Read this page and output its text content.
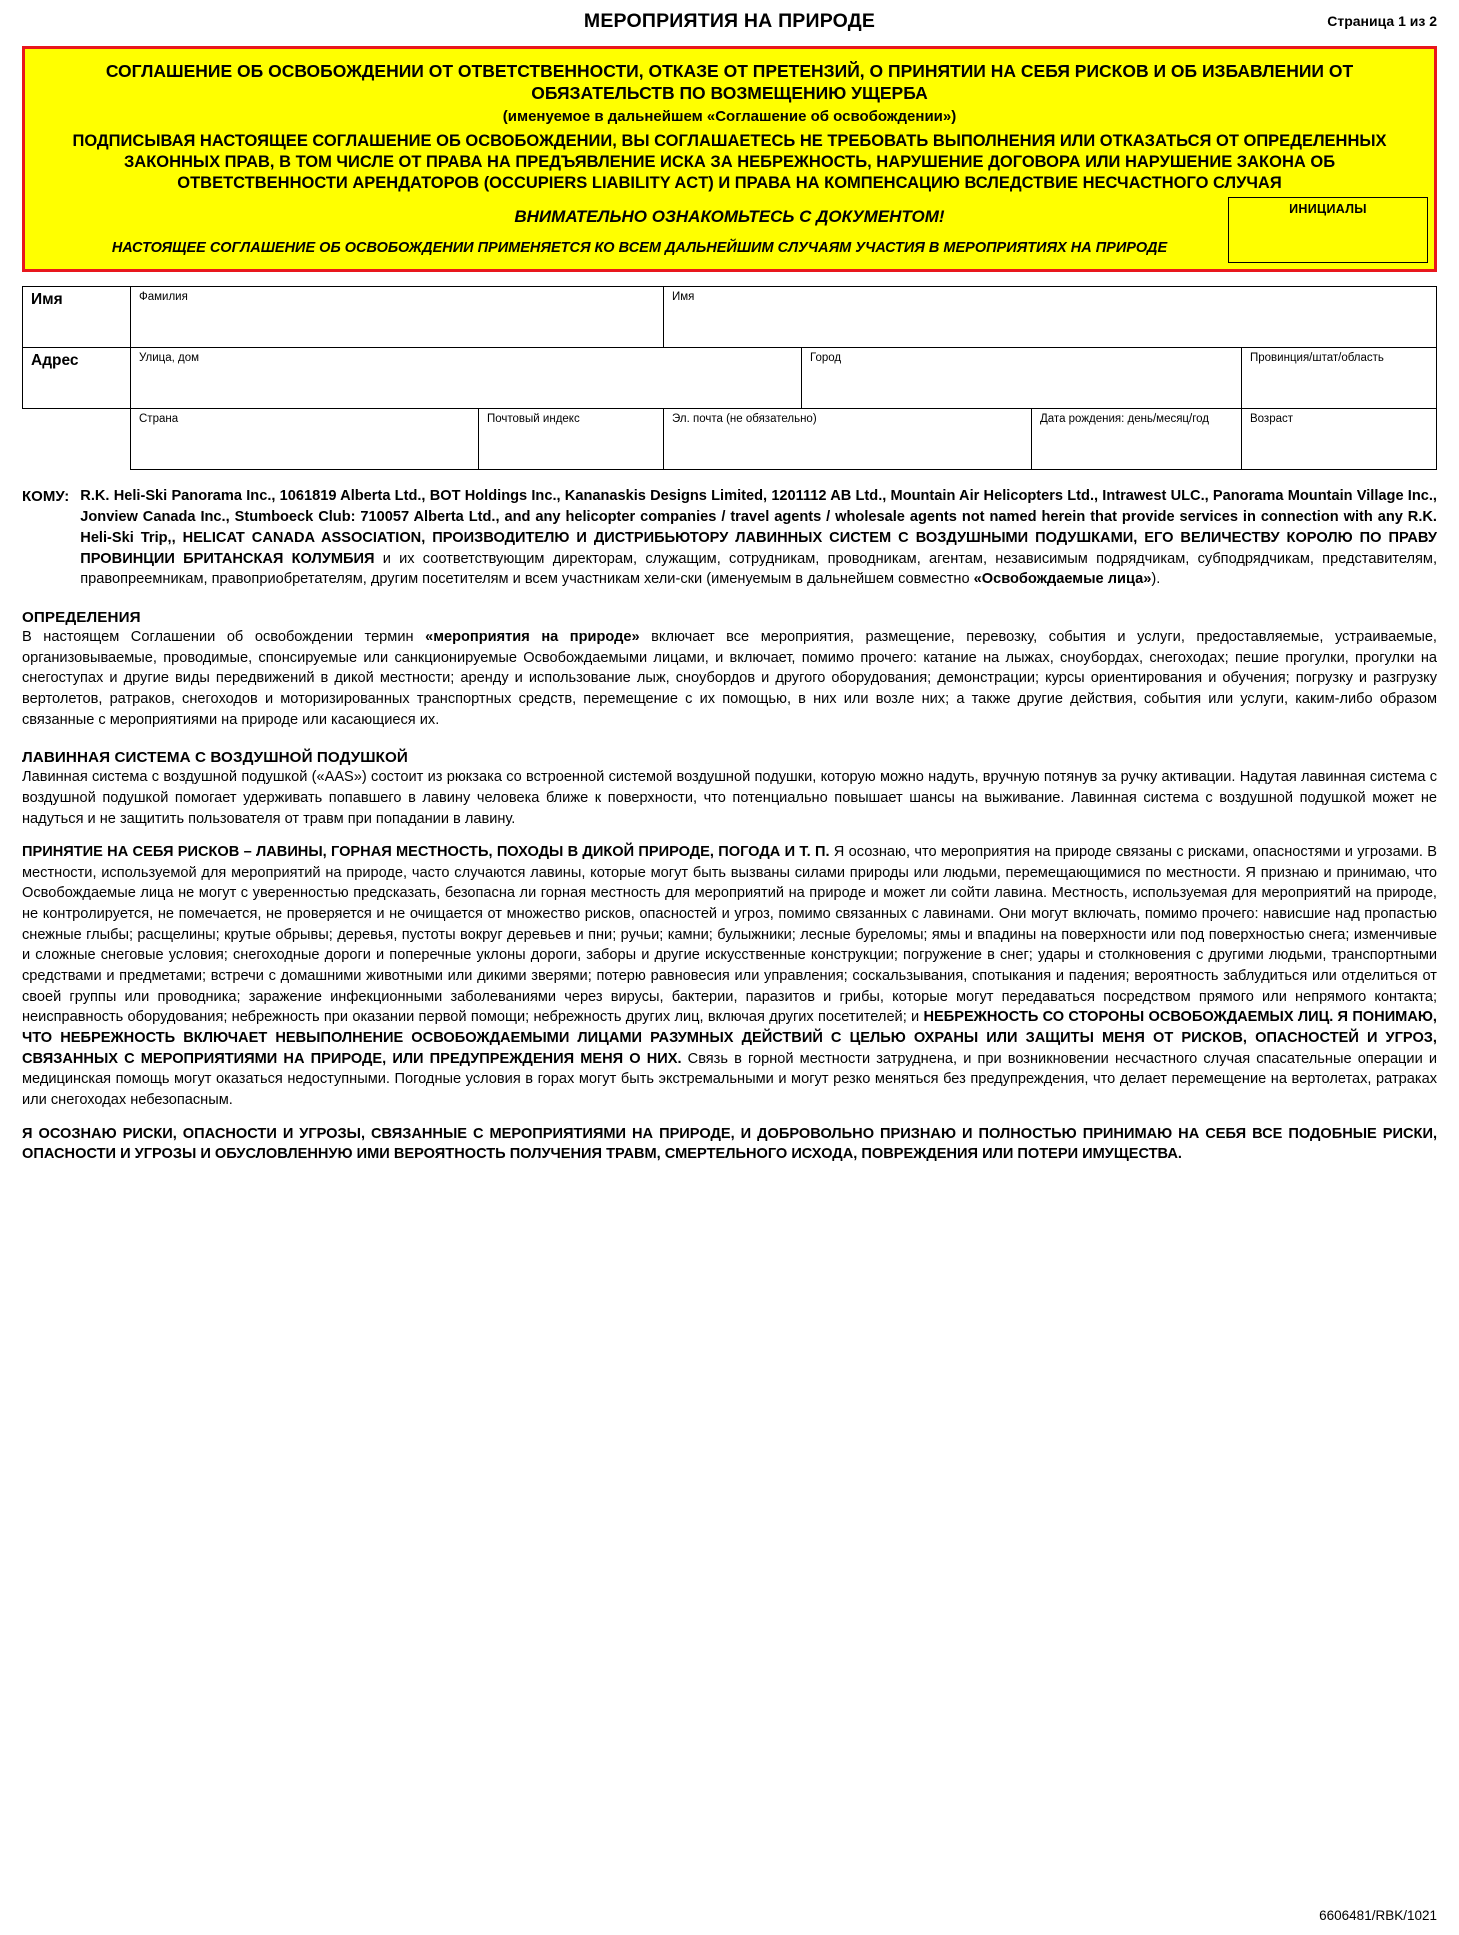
МЕРОПРИЯТИЯ НА ПРИРОДЕ	Страница 1 из 2

СОГЛАШЕНИЕ ОБ ОСВОБОЖДЕНИИ ОТ ОТВЕТСТВЕННОСТИ, ОТКАЗЕ ОТ ПРЕТЕНЗИЙ, О ПРИНЯТИИ НА СЕБЯ РИСКОВ И ОБ ИЗБАВЛЕНИИ ОТ ОБЯЗАТЕЛЬСТВ ПО ВОЗМЕЩЕНИЮ УЩЕРБА

(именуемое в дальнейшем «Соглашение об освобождении»)

ПОДПИСЫВАЯ НАСТОЯЩЕЕ СОГЛАШЕНИЕ ОБ ОСВОБОЖДЕНИИ, ВЫ СОГЛАШАЕТЕСЬ НЕ ТРЕБОВАТЬ ВЫПОЛНЕНИЯ ИЛИ ОТКАЗАТЬСЯ ОТ ОПРЕДЕЛЕННЫХ ЗАКОННЫХ ПРАВ, В ТОМ ЧИСЛЕ ОТ ПРАВА НА ПРЕДЪЯВЛЕНИЕ ИСКА ЗА НЕБРЕЖНОСТЬ, НАРУШЕНИЕ ДОГОВОРА ИЛИ НАРУШЕНИЕ ЗАКОНА ОБ ОТВЕТСТВЕННОСТИ АРЕНДАТОРОВ (OCCUPIERS LIABILITY ACT) И ПРАВА НА КОМПЕНСАЦИЮ ВСЛЕДСТВИЕ НЕСЧАСТНОГО СЛУЧАЯ

ВНИМАТЕЛЬНО ОЗНАКОМЬТЕСЬ С ДОКУМЕНТОМ!

НАСТОЯЩЕЕ СОГЛАШЕНИЕ ОБ ОСВОБОЖДЕНИИ ПРИМЕНЯЕТСЯ КО ВСЕМ ДАЛЬНЕЙШИМ СЛУЧАЯМ УЧАСТИЯ В МЕРОПРИЯТИЯХ НА ПРИРОДЕ

ИНИЦИАЛЫ
Имя	Фамилия		Имя			

Адрес	Улица, дом			Город		Провинция/штат/область

	Страна	Почтовый индекс	Эл. почта (не обязательно)		Дата рождения: день/месяц/год	Возраст
КОМУ: R.K. Heli-Ski Panorama Inc., 1061819 Alberta Ltd., BOT Holdings Inc., Kananaskis Designs Limited, 1201112 AB Ltd., Mountain Air Helicopters Ltd., Intrawest ULC., Panorama Mountain Village Inc., Jonview Canada Inc., Stumboeck Club: 710057 Alberta Ltd., and any helicopter companies / travel agents / wholesale agents not named herein that provide services in connection with any R.K. Heli-Ski Trip,, HELICAT CANADA ASSOCIATION, ПРОИЗВОДИТЕЛЮ И ДИСТРИБЬЮТОРУ ЛАВИННЫХ СИСТЕМ С ВОЗДУШНЫМИ ПОДУШКАМИ, ЕГО ВЕЛИЧЕСТВУ КОРОЛЮ ПО ПРАВУ ПРОВИНЦИИ БРИТАНСКАЯ КОЛУМБИЯ и их соответствующим директорам, служащим, сотрудникам, проводникам, агентам, независимым подрядчикам, субподрядчикам, представителям, правопреемникам, правоприобретателям, другим посетителям и всем участникам хели-ски (именуемым в дальнейшем совместно «Освобождаемые лица»).
ОПРЕДЕЛЕНИЯ

В настоящем Соглашении об освобождении термин «мероприятия на природе» включает все мероприятия, размещение, перевозку, события и услуги, предоставляемые, устраиваемые, организовываемые, проводимые, спонсируемые или санкционируемые Освобождаемыми лицами, и включает, помимо прочего: катание на лыжах, сноубордах, снегоходах; пешие прогулки, прогулки на снегоступах и другие виды передвижений в дикой местности; аренду и использование лыж, сноубордов и другого оборудования; демонстрации; курсы ориентирования и обучения; погрузку и разгрузку вертолетов, ратраков, снегоходов и моторизированных транспортных средств, перемещение с их помощью, в них или возле них; а также другие действия, события или услуги, каким-либо образом связанные с мероприятиями на природе или касающиеся их.

ЛАВИННАЯ СИСТЕМА С ВОЗДУШНОЙ ПОДУШКОЙ

Лавинная система с воздушной подушкой («AAS») состоит из рюкзака со встроенной системой воздушной подушки, которую можно надуть, вручную потянув за ручку активации. Надутая лавинная система с воздушной подушкой помогает удерживать попавшего в лавину человека ближе к поверхности, что потенциально повышает шансы на выживание. Лавинная система с воздушной подушкой может не надуться и не защитить пользователя от травм при попадании в лавину.

ПРИНЯТИЕ НА СЕБЯ РИСКОВ – ЛАВИНЫ, ГОРНАЯ МЕСТНОСТЬ, ПОХОДЫ В ДИКОЙ ПРИРОДЕ, ПОГОДА И Т. П. Я осознаю, что мероприятия на природе связаны с рисками, опасностями и угрозами. В местности, используемой для мероприятий на природе, часто случаются лавины, которые могут быть вызваны силами природы или людьми, перемещающимися по местности. Я признаю и принимаю, что Освобождаемые лица не могут с уверенностью предсказать, безопасна ли горная местность для мероприятий на природе и может ли сойти лавина. Местность, используемая для мероприятий на природе, не контролируется, не помечается, не проверяется и не очищается от множество рисков, опасностей и угроз, помимо связанных с лавинами. Они могут включать, помимо прочего: нависшие над пропастью снежные глыбы; расщелины; крутые обрывы; деревья, пустоты вокруг деревьев и пни; ручьи; камни; булыжники; лесные буреломы; ямы и впадины на поверхности или под поверхностью снега; изменчивые и сложные снеговые условия; снегоходные дороги и поперечные уклоны дороги, заборы и другие искусственные конструкции; погружение в снег; удары и столкновения с другими людьми, транспортными средствами и предметами; встречи с домашними животными или дикими зверями; потерю равновесия или управления; соскальзывания, спотыкания и падения; вероятность заблудиться или отделиться от своей группы или проводника; заражение инфекционными заболеваниями через вирусы, бактерии, паразитов и грибы, которые могут передаваться посредством прямого или непрямого контакта; неисправность оборудования; небрежность при оказании первой помощи; небрежность других лиц, включая других посетителей; и НЕБРЕЖНОСТЬ СО СТОРОНЫ ОСВОБОЖДАЕМЫХ ЛИЦ. Я ПОНИМАЮ, ЧТО НЕБРЕЖНОСТЬ ВКЛЮЧАЕТ НЕВЫПОЛНЕНИЕ ОСВОБОЖДАЕМЫМИ ЛИЦАМИ РАЗУМНЫХ ДЕЙСТВИЙ С ЦЕЛЬЮ ОХРАНЫ ИЛИ ЗАЩИТЫ МЕНЯ ОТ РИСКОВ, ОПАСНОСТЕЙ И УГРОЗ, СВЯЗАННЫХ С МЕРОПРИЯТИЯМИ НА ПРИРОДЕ, ИЛИ ПРЕДУПРЕЖДЕНИЯ МЕНЯ О НИХ. Связь в горной местности затруднена, и при возникновении несчастного случая спасательные операции и медицинская помощь могут оказаться недоступными. Погодные условия в горах могут быть экстремальными и могут резко меняться без предупреждения, что делает перемещение на вертолетах, ратраках или снегоходах небезопасным.

Я ОСОЗНАЮ РИСКИ, ОПАСНОСТИ И УГРОЗЫ, СВЯЗАННЫЕ С МЕРОПРИЯТИЯМИ НА ПРИРОДЕ, И ДОБРОВОЛЬНО ПРИЗНАЮ И ПОЛНОСТЬЮ ПРИНИМАЮ НА СЕБЯ ВСЕ ПОДОБНЫЕ РИСКИ, ОПАСНОСТИ И УГРОЗЫ И ОБУСЛОВЛЕННУЮ ИМИ ВЕРОЯТНОСТЬ ПОЛУЧЕНИЯ ТРАВМ, СМЕРТЕЛЬНОГО ИСХОДА, ПОВРЕЖДЕНИЯ ИЛИ ПОТЕРИ ИМУЩЕСТВА.

6606481/RBK/1021
